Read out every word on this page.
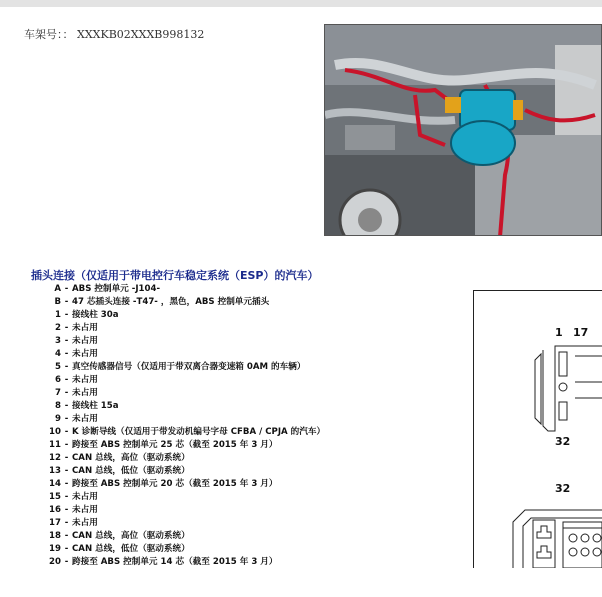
车架号：： XXXKB02XXXB998132
插头连接（仅适用于带电控行车稳定系统（ESP）的汽车）
A - ABS 控制单元 -J104-
B - 47 芯插头连接 -T47- ，黑色，ABS 控制单元插头
1 - 接线柱 30a
2 - 未占用
3 - 未占用
4 - 未占用
5 - 真空传感器信号（仅适用于带双离合器变速箱 0AM 的车辆）
6 - 未占用
7 - 未占用
8 - 接线柱 15a
9 - 未占用
10 - K 诊断导线（仅适用于带发动机编号字母 CFBA / CPJA 的汽车）
11 - 跨接至 ABS 控制单元 25 芯（截至 2015 年 3 月）
12 - CAN 总线，高位（驱动系统）
13 - CAN 总线，低位（驱动系统）
14 - 跨接至 ABS 控制单元 20 芯（截至 2015 年 3 月）
15 - 未占用
16 - 未占用
17 - 未占用
18 - CAN 总线，高位（驱动系统）
19 - CAN 总线，低位（驱动系统）
20 - 跨接至 ABS 控制单元 14 芯（截至 2015 年 3 月）
1 17
32
32
